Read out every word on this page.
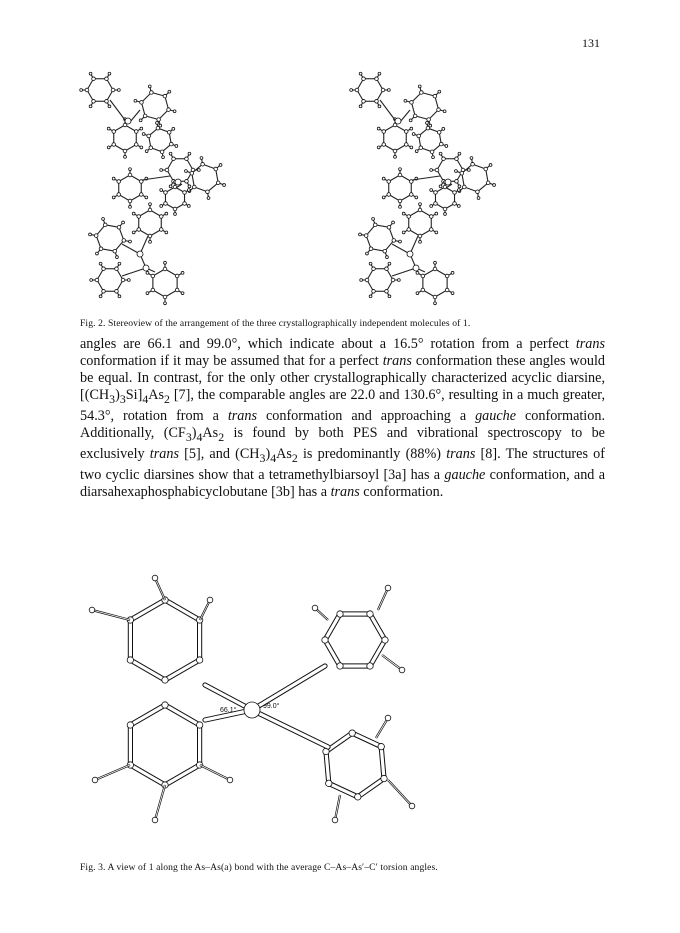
131
Fig. 2. Stereoview of the arrangement of the three crystallographically independent molecules of 1.

angles are 66.1 and 99.0°, which indicate about a 16.5° rotation from a perfect trans conformation if it may be assumed that for a perfect trans conformation these angles would be equal. In contrast, for the only other crystallographically characterized acyclic diarsine, $[(CH_3)_3Si]_4As_2$ [7], the comparable angles are 22.0 and 130.6°, resulting in a much greater, 54.3°, rotation from a trans conformation and approaching a gauche conformation. Additionally, $(CF_3)_4As_2$ is found by both PES and vibrational spectroscopy to be exclusively trans [5], and $(CH_3)_4As_2$ is predominantly (88%) trans [8]. The structures of two cyclic diarsines show that a tetramethylbiarsoyl [3a] has a gauche conformation, and a diarsahexaphosphabicyclobutane [3b] has a trans conformation.

66.1°
99.0°
Fig. 3. A view of 1 along the As–As(a) bond with the average C–As–As′–C′ torsion angles.
